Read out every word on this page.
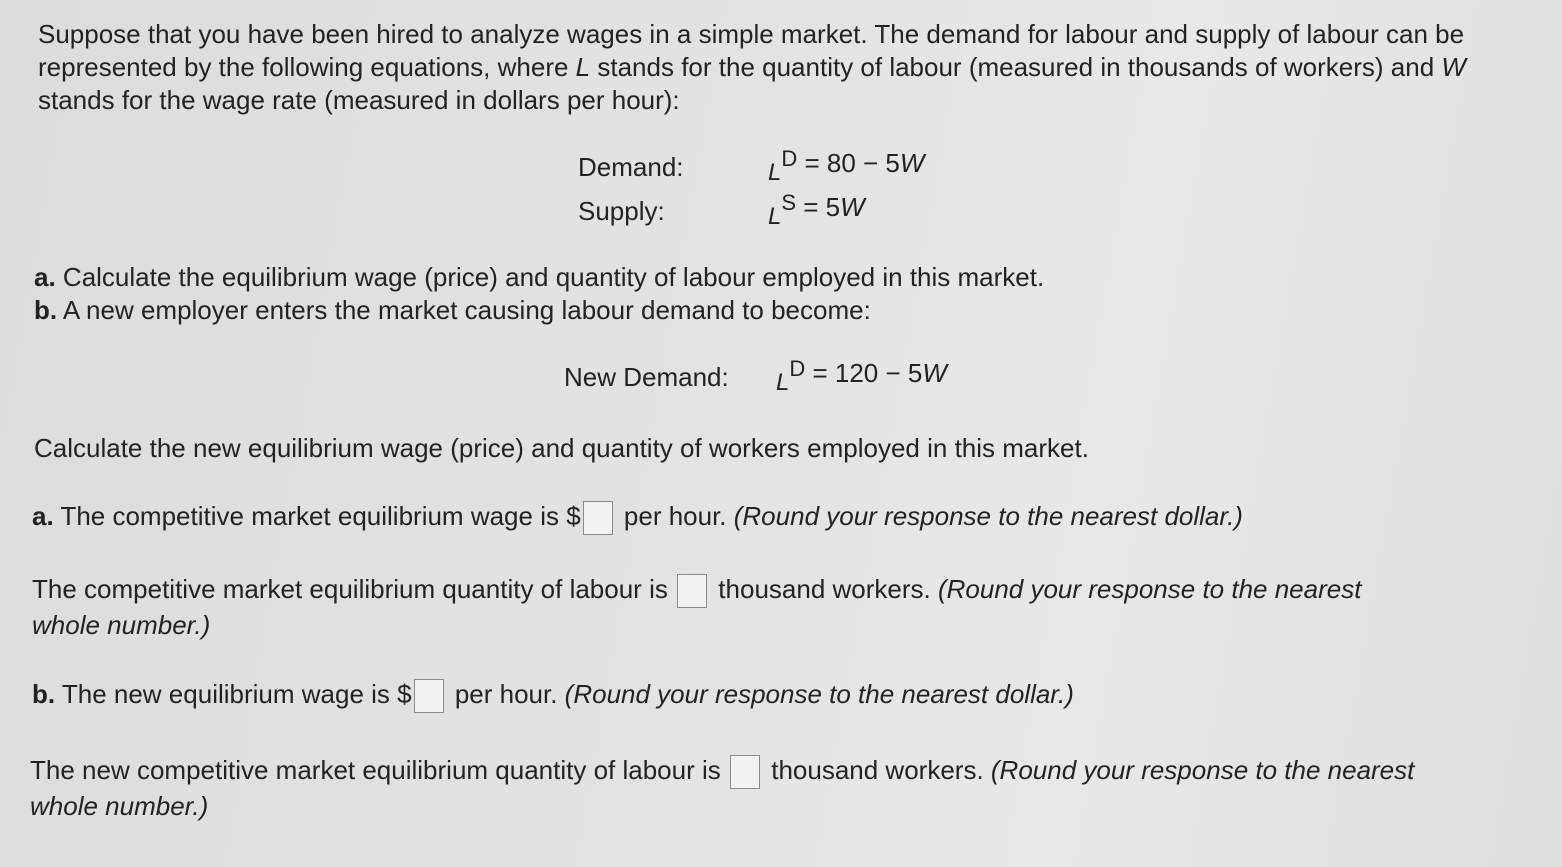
Suppose that you have been hired to analyze wages in a simple market. The demand for labour and supply of labour can be
represented by the following equations, where L stands for the quantity of labour (measured in thousands of workers) and W
stands for the wage rate (measured in dollars per hour):
Demand:	$L^D = 80 - 5W$
Supply:	$L^S = 5W$
a. Calculate the equilibrium wage (price) and quantity of labour employed in this market.
b. A new employer enters the market causing labour demand to become:
New Demand: $L^D = 120 - 5W$
Calculate the new equilibrium wage (price) and quantity of workers employed in this market.
a. The competitive market equilibrium wage is $ per hour. (Round your response to the nearest dollar.)
The competitive market equilibrium quantity of labour is  thousand workers. (Round your response to the nearest
whole number.)
b. The new equilibrium wage is $ per hour. (Round your response to the nearest dollar.)
The new competitive market equilibrium quantity of labour is  thousand workers. (Round your response to the nearest
whole number.)
